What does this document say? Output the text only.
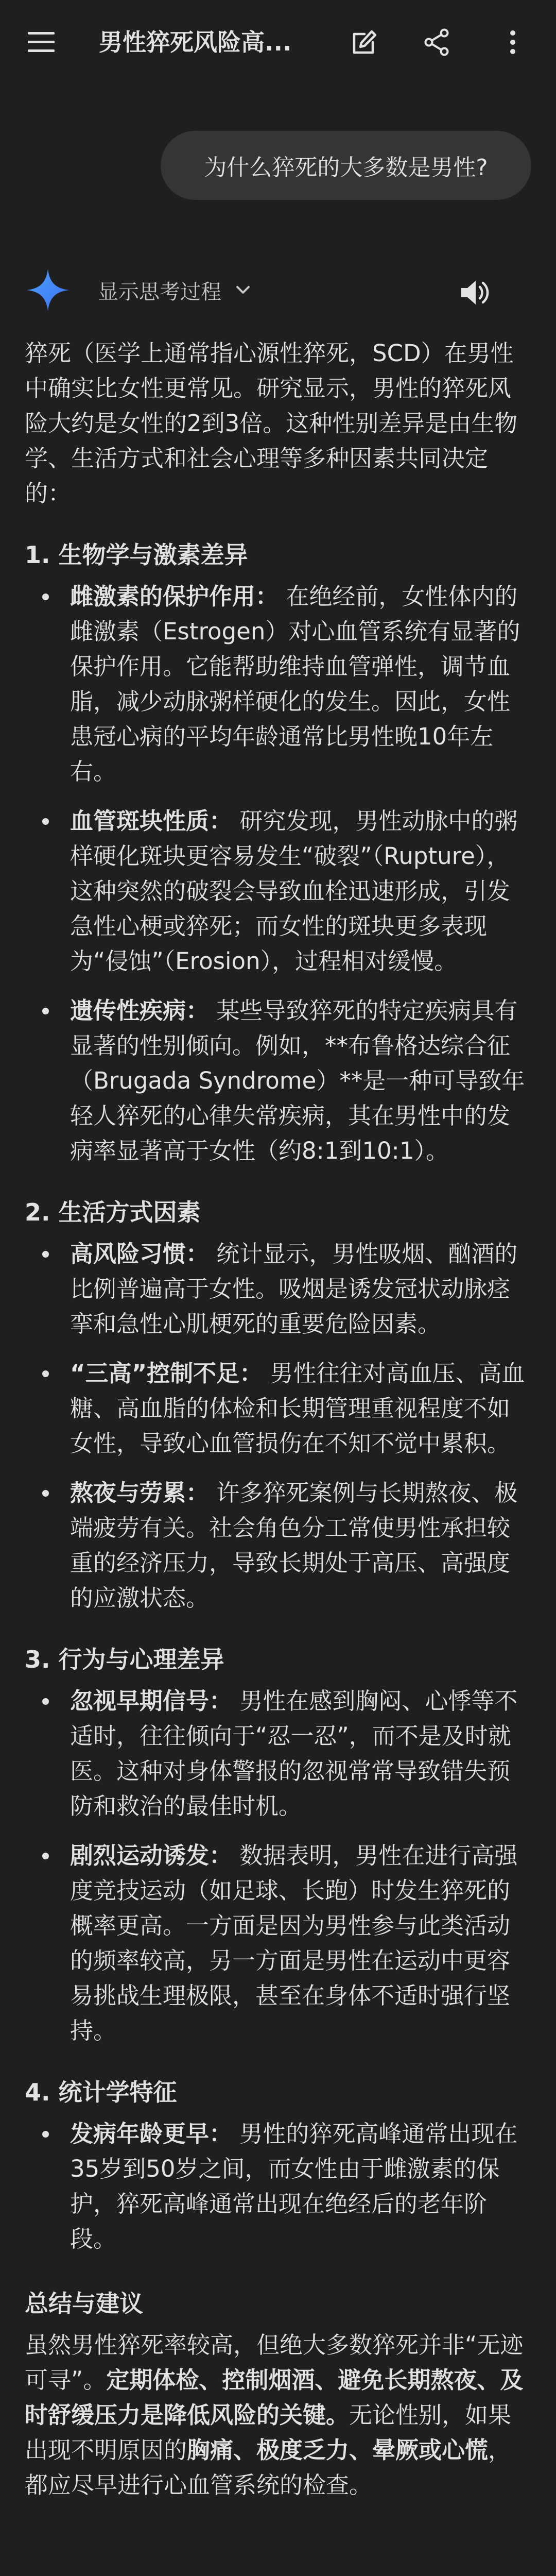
男性猝死风险高...
为什么猝死的大多数是男性?
显示思考过程

猝死（医学上通常指心源性猝死，SCD）在男性中确实比女性更常见。研究显示，男性的猝死风险大约是女性的2到3倍。这种性别差异是由生物学、生活方式和社会心理等多种因素共同决定的：

1. 生物学与激素差异
雌激素的保护作用： 在绝经前，女性体内的雌激素（Estrogen）对心血管系统有显著的保护作用。它能帮助维持血管弹性，调节血脂，减少动脉粥样硬化的发生。因此，女性患冠心病的平均年龄通常比男性晚10年左右。
血管斑块性质： 研究发现，男性动脉中的粥样硬化斑块更容易发生“破裂”（Rupture），这种突然的破裂会导致血栓迅速形成，引发急性心梗或猝死；而女性的斑块更多表现为“侵蚀”（Erosion），过程相对缓慢。
遗传性疾病： 某些导致猝死的特定疾病具有显著的性别倾向。例如，**布鲁格达综合征（Brugada Syndrome）**是一种可导致年轻人猝死的心律失常疾病，其在男性中的发病率显著高于女性（约8:1到10:1）。
2. 生活方式因素
高风险习惯： 统计显示，男性吸烟、酗酒的比例普遍高于女性。吸烟是诱发冠状动脉痉挛和急性心肌梗死的重要危险因素。
“三高”控制不足： 男性往往对高血压、高血糖、高血脂的体检和长期管理重视程度不如女性，导致心血管损伤在不知不觉中累积。
熬夜与劳累： 许多猝死案例与长期熬夜、极端疲劳有关。社会角色分工常使男性承担较重的经济压力，导致长期处于高压、高强度的应激状态。
3. 行为与心理差异
忽视早期信号： 男性在感到胸闷、心悸等不适时，往往倾向于“忍一忍”，而不是及时就医。这种对身体警报的忽视常常导致错失预防和救治的最佳时机。
剧烈运动诱发： 数据表明，男性在进行高强度竞技运动（如足球、长跑）时发生猝死的概率更高。一方面是因为男性参与此类活动的频率较高，另一方面是男性在运动中更容易挑战生理极限，甚至在身体不适时强行坚持。
4. 统计学特征
发病年龄更早： 男性的猝死高峰通常出现在35岁到50岁之间，而女性由于雌激素的保护，猝死高峰通常出现在绝经后的老年阶段。
总结与建议

虽然男性猝死率较高，但绝大多数猝死并非“无迹可寻”。定期体检、控制烟酒、避免长期熬夜、及时舒缓压力是降低风险的关键。无论性别，如果出现不明原因的胸痛、极度乏力、晕厥或心慌，都应尽早进行心血管系统的检查。
